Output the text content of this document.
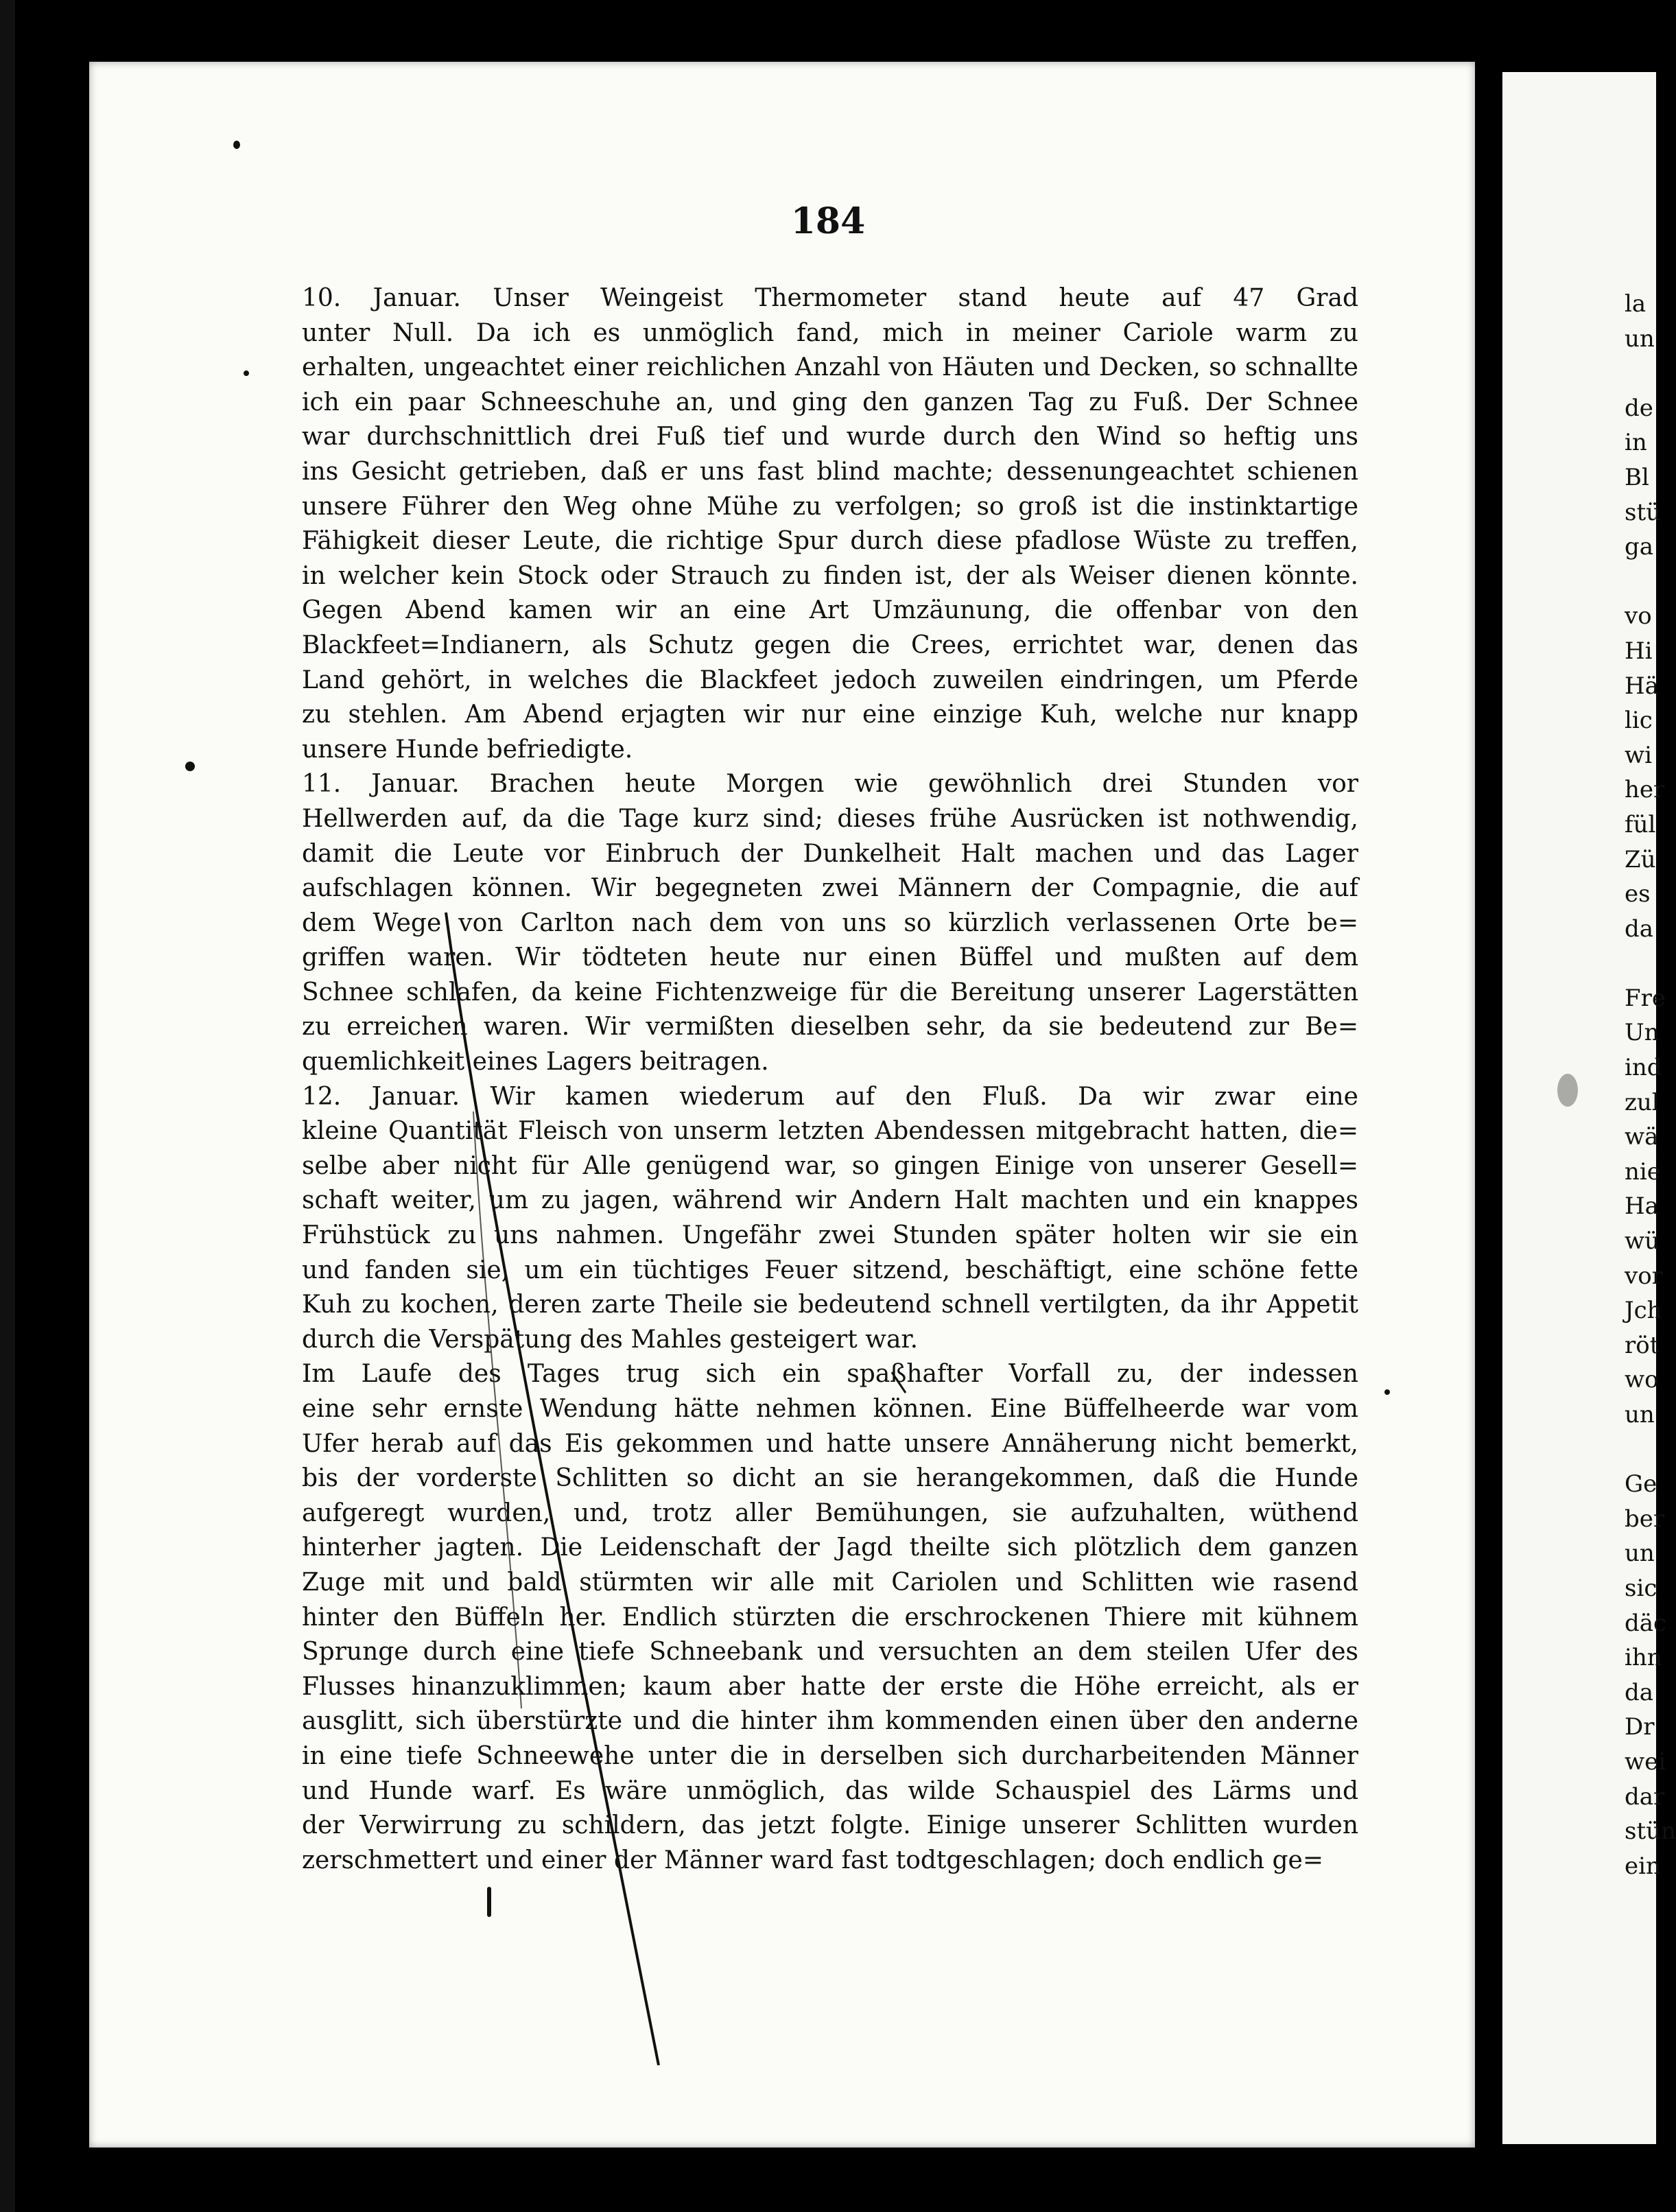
184
10. Januar. Unser Weingeist Thermometer stand heute auf 47 Grad
unter Null. Da ich es unmöglich fand, mich in meiner Cariole warm zu
erhalten, ungeachtet einer reichlichen Anzahl von Häuten und Decken, so schnallte
ich ein paar Schneeschuhe an, und ging den ganzen Tag zu Fuß. Der Schnee
war durchschnittlich drei Fuß tief und wurde durch den Wind so heftig uns
ins Gesicht getrieben, daß er uns fast blind machte; dessenungeachtet schienen
unsere Führer den Weg ohne Mühe zu verfolgen; so groß ist die instinktartige
Fähigkeit dieser Leute, die richtige Spur durch diese pfadlose Wüste zu treffen,
in welcher kein Stock oder Strauch zu finden ist, der als Weiser dienen könnte.
Gegen Abend kamen wir an eine Art Umzäunung, die offenbar von den
Blackfeet=Indianern, als Schutz gegen die Crees, errichtet war, denen das
Land gehört, in welches die Blackfeet jedoch zuweilen eindringen, um Pferde
zu stehlen. Am Abend erjagten wir nur eine einzige Kuh, welche nur knapp
unsere Hunde befriedigte.
11. Januar. Brachen heute Morgen wie gewöhnlich drei Stunden vor
Hellwerden auf, da die Tage kurz sind; dieses frühe Ausrücken ist nothwendig,
damit die Leute vor Einbruch der Dunkelheit Halt machen und das Lager
aufschlagen können. Wir begegneten zwei Männern der Compagnie, die auf
dem Wege von Carlton nach dem von uns so kürzlich verlassenen Orte be=
griffen waren. Wir tödteten heute nur einen Büffel und mußten auf dem
Schnee schlafen, da keine Fichtenzweige für die Bereitung unserer Lagerstätten
zu erreichen waren. Wir vermißten dieselben sehr, da sie bedeutend zur Be=
quemlichkeit eines Lagers beitragen.
12. Januar. Wir kamen wiederum auf den Fluß. Da wir zwar eine
kleine Quantität Fleisch von unserm letzten Abendessen mitgebracht hatten, die=
selbe aber nicht für Alle genügend war, so gingen Einige von unserer Gesell=
schaft weiter, um zu jagen, während wir Andern Halt machten und ein knappes
Frühstück zu uns nahmen. Ungefähr zwei Stunden später holten wir sie ein
und fanden sie, um ein tüchtiges Feuer sitzend, beschäftigt, eine schöne fette
Kuh zu kochen, deren zarte Theile sie bedeutend schnell vertilgten, da ihr Appetit
durch die Verspätung des Mahles gesteigert war.
Im Laufe des Tages trug sich ein spaßhafter Vorfall zu, der indessen
eine sehr ernste Wendung hätte nehmen können. Eine Büffelheerde war vom
Ufer herab auf das Eis gekommen und hatte unsere Annäherung nicht bemerkt,
bis der vorderste Schlitten so dicht an sie herangekommen, daß die Hunde
aufgeregt wurden, und, trotz aller Bemühungen, sie aufzuhalten, wüthend
hinterher jagten. Die Leidenschaft der Jagd theilte sich plötzlich dem ganzen
Zuge mit und bald stürmten wir alle mit Cariolen und Schlitten wie rasend
hinter den Büffeln her. Endlich stürzten die erschrockenen Thiere mit kühnem
Sprunge durch eine tiefe Schneebank und versuchten an dem steilen Ufer des
Flusses hinanzuklimmen; kaum aber hatte der erste die Höhe erreicht, als er
ausglitt, sich überstürzte und die hinter ihm kommenden einen über den anderne
in eine tiefe Schneewehe unter die in derselben sich durcharbeitenden Männer
und Hunde warf. Es wäre unmöglich, das wilde Schauspiel des Lärms und
der Verwirrung zu schildern, das jetzt folgte. Einige unserer Schlitten wurden
zerschmettert und einer der Männer ward fast todtgeschlagen; doch endlich ge=
la
un
de
in
Bl
stü
ga
vo
Hi
Hä
lic
wi
her
fül
Zü
es
da
Fre
Un
ind
zul
wä
nie
Ha
wü
vor
Jch
röt
wo
un
Ge
ber
un
sic
däc
ihn
da
Dr
wei
dar
stün
ein
